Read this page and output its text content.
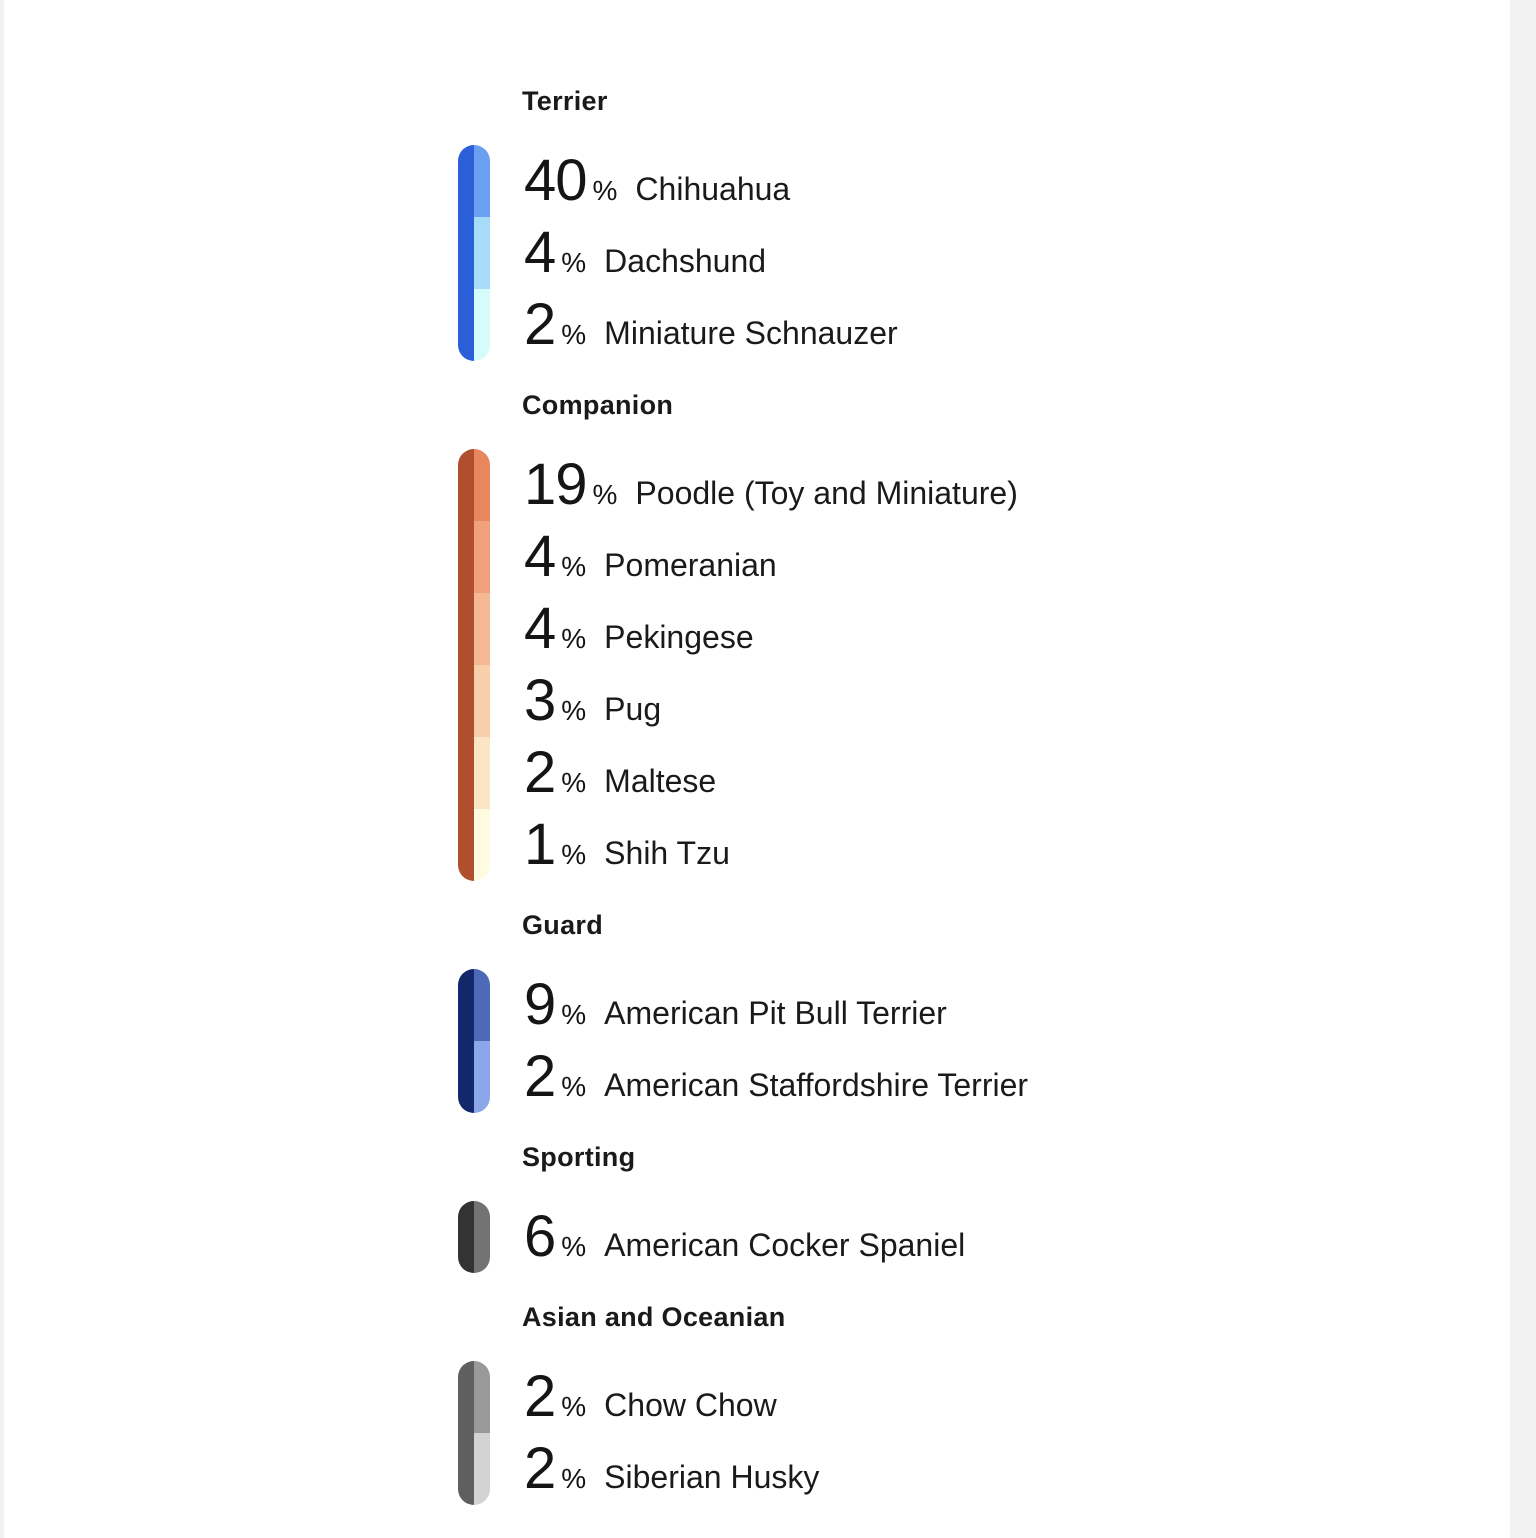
Terrier
40 % Chihuahua
4 % Dachshund
2 % Miniature Schnauzer
Companion
19 % Poodle (Toy and Miniature)
4 % Pomeranian
4 % Pekingese
3 % Pug
2 % Maltese
1 % Shih Tzu
Guard
9 % American Pit Bull Terrier
2 % American Staffordshire Terrier
Sporting
6 % American Cocker Spaniel
Asian and Oceanian
2 % Chow Chow
2 % Siberian Husky
